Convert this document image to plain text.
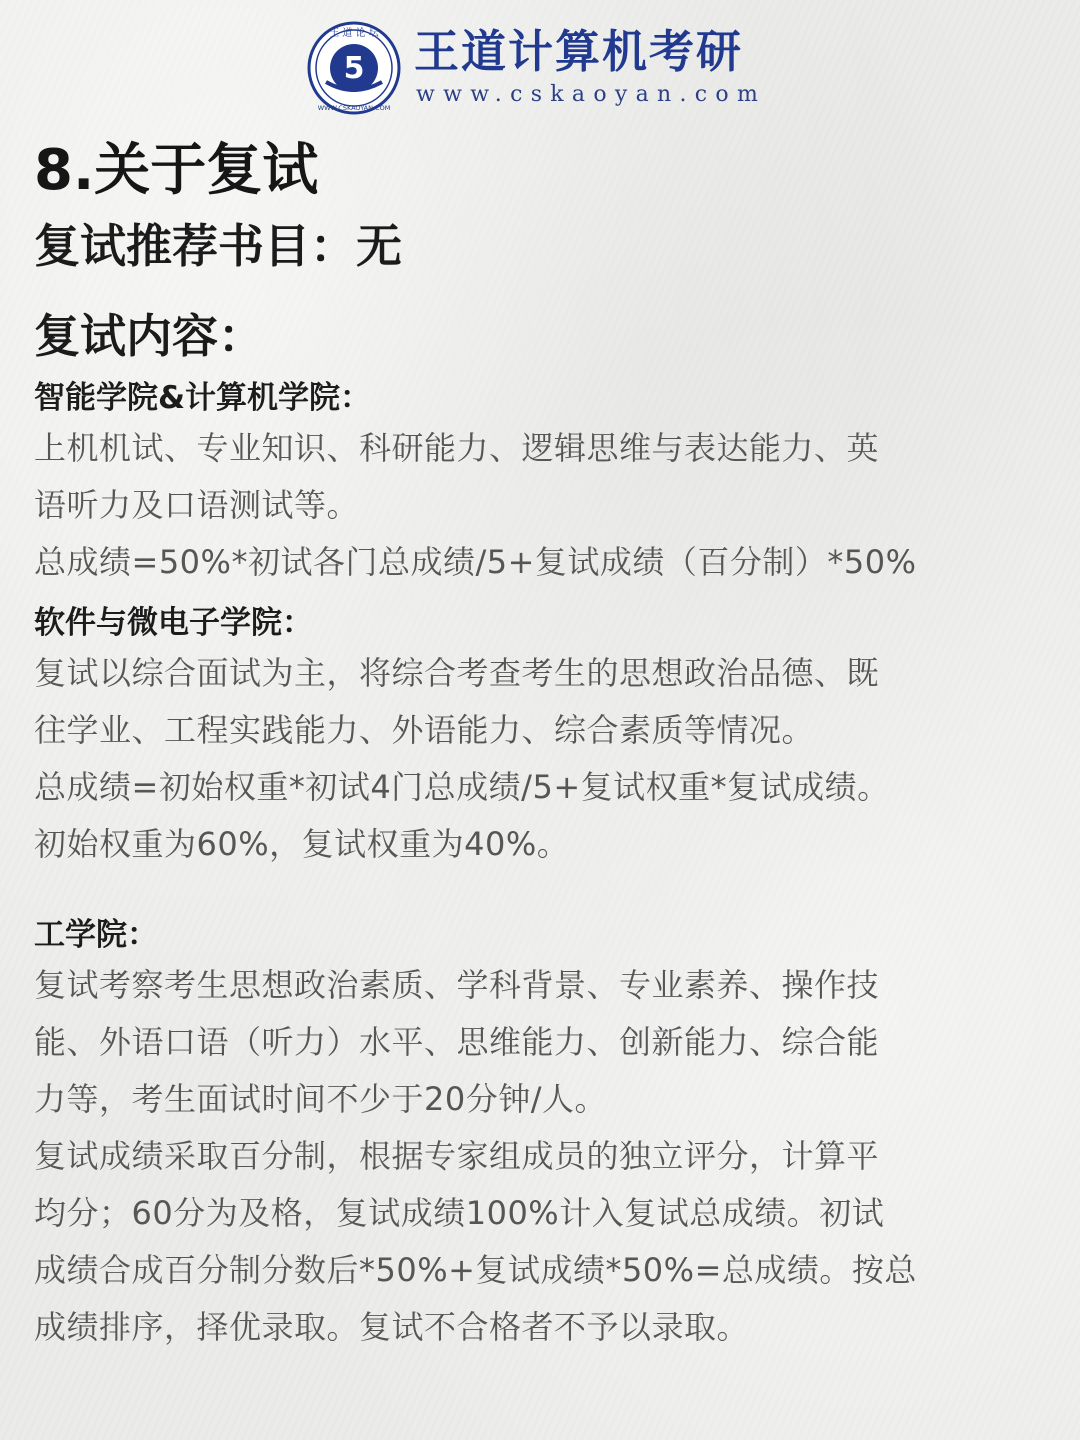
5
王 道 论 坛
WWW.CSKAOYAN.COM
王道计算机考研
www.cskaoyan.com
8.关于复试
复试推荐书目：无
复试内容：
智能学院&计算机学院：

上机机试、专业知识、科研能力、逻辑思维与表达能力、英
语听力及口语测试等。
总成绩=50%*初试各门总成绩/5+复试成绩（百分制）*50%

软件与微电子学院：

复试以综合面试为主，将综合考查考生的思想政治品德、既
往学业、工程实践能力、外语能力、综合素质等情况。
总成绩=初始权重*初试4门总成绩/5+复试权重*复试成绩。
初始权重为60%，复试权重为40%。

工学院：

复试考察考生思想政治素质、学科背景、专业素养、操作技
能、外语口语（听力）水平、思维能力、创新能力、综合能
力等，考生面试时间不少于20分钟/人。
复试成绩采取百分制，根据专家组成员的独立评分，计算平
均分；60分为及格，复试成绩100%计入复试总成绩。初试
成绩合成百分制分数后*50%+复试成绩*50%=总成绩。按总
成绩排序，择优录取。复试不合格者不予以录取。
